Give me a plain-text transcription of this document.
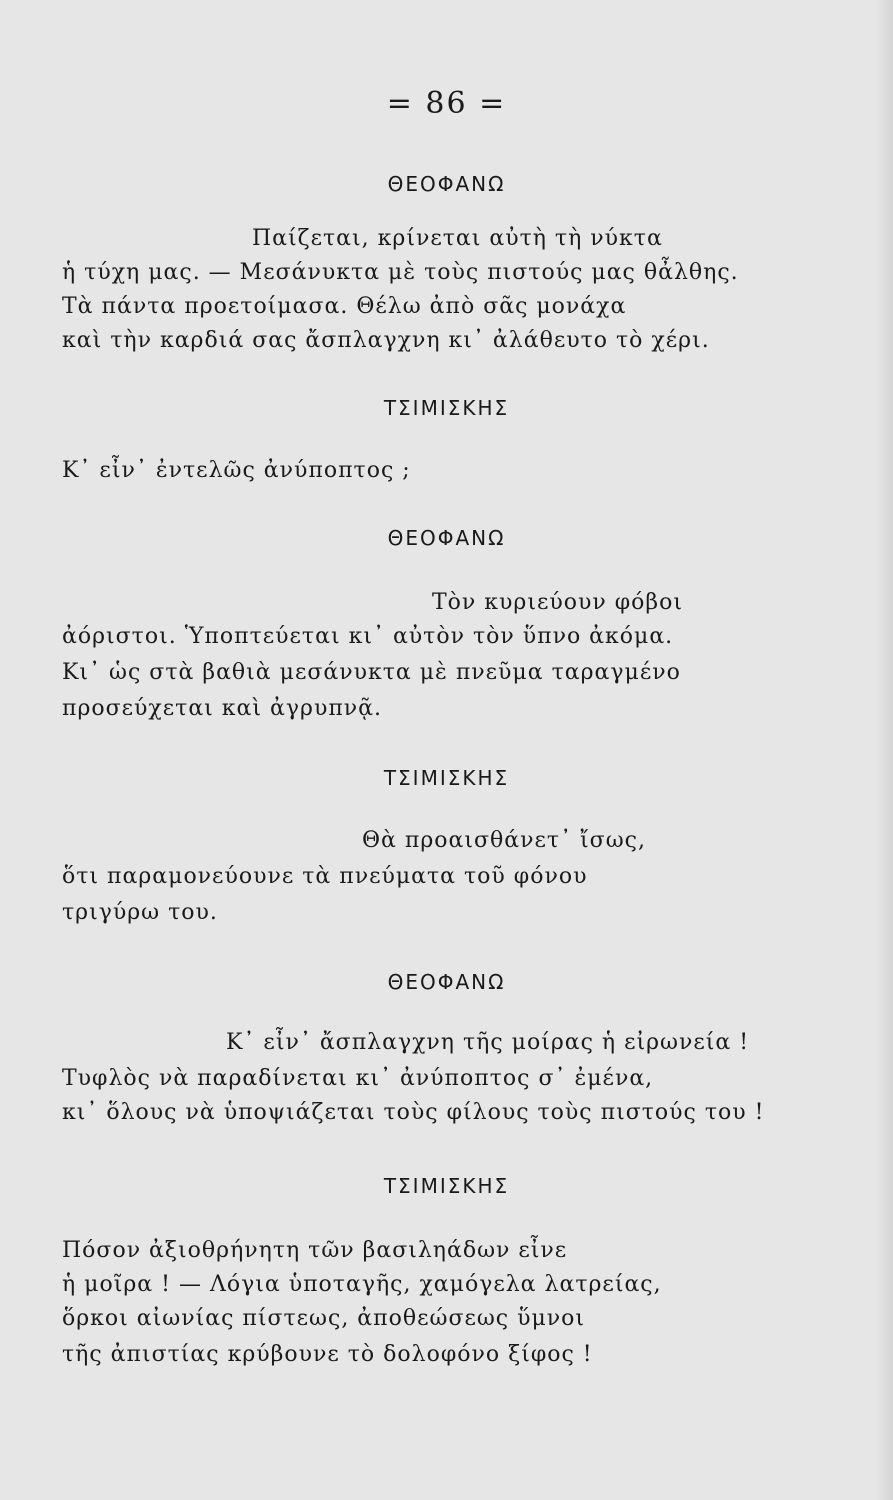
= 86 =
ΘΕΟΦΑΝΩ
Παίζεται, κρίνεται αὐτὴ τὴ νύκτα
ἡ τύχη μας. — Μεσάνυκτα μὲ τοὺς πιστούς μας θἆλθης.
Τὰ πάντα προετοίμασα. Θέλω ἀπὸ σᾶς μονάχα
καὶ τὴν καρδιά σας ἄσπλαγχνη κι᾽ ἀλάθευτο τὸ χέρι.
ΤΣΙΜΙΣΚΗΣ
Κ᾽ εἶν᾽ ἐντελῶς ἀνύποπτος ;
ΘΕΟΦΑΝΩ
Τὸν κυριεύουν φόβοι
ἀόριστοι. Ὑποπτεύεται κι᾽ αὐτὸν τὸν ὕπνο ἀκόμα.
Κι᾽ ὡς στὰ βαθιὰ μεσάνυκτα μὲ πνεῦμα ταραγμένο
προσεύχεται καὶ ἀγρυπνᾷ.
ΤΣΙΜΙΣΚΗΣ
Θὰ προαισθάνετ᾽ ἴσως,
ὅτι παραμονεύουνε τὰ πνεύματα τοῦ φόνου
τριγύρω του.
ΘΕΟΦΑΝΩ
Κ᾽ εἶν᾽ ἄσπλαγχνη τῆς μοίρας ἡ εἰρωνεία !
Τυφλὸς νὰ παραδίνεται κι᾽ ἀνύποπτος σ᾽ ἐμένα,
κι᾽ ὅλους νὰ ὑποψιάζεται τοὺς φίλους τοὺς πιστούς του !
ΤΣΙΜΙΣΚΗΣ
Πόσον ἀξιοθρήνητη τῶν βασιληάδων εἶνε
ἡ μοῖρα ! — Λόγια ὑποταγῆς, χαμόγελα λατρείας,
ὅρκοι αἰωνίας πίστεως, ἀποθεώσεως ὕμνοι
τῆς ἀπιστίας κρύβουνε τὸ δολοφόνο ξίφος !
